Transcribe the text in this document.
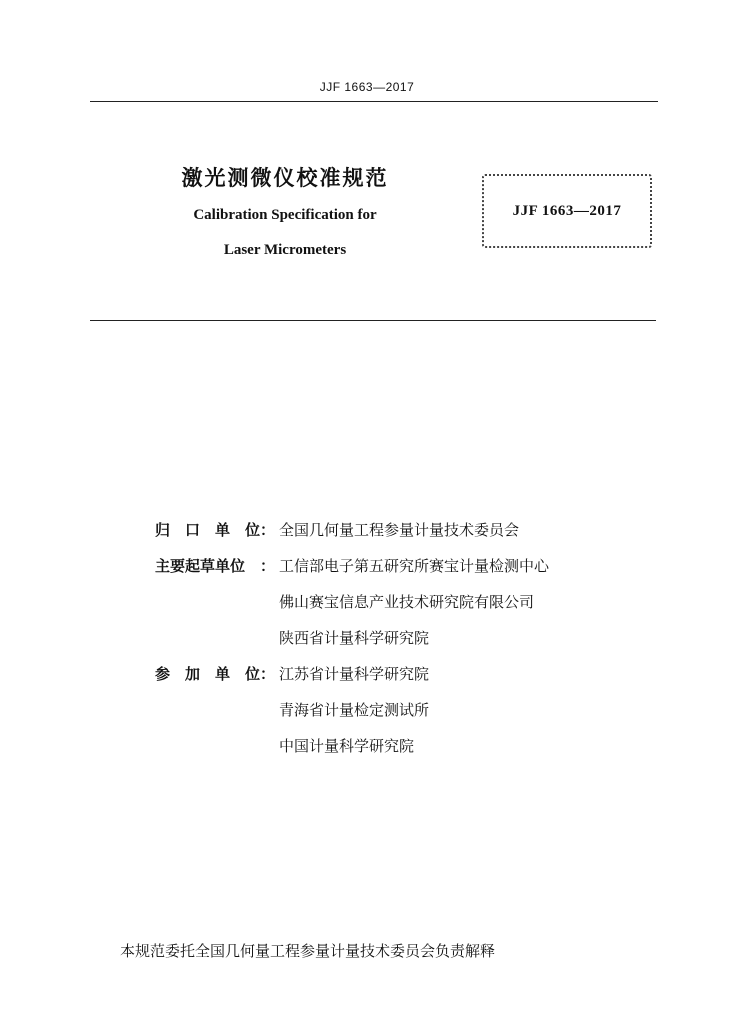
JJF 1663—2017
激光测微仪校准规范
Calibration Specification for
Laser Micrometers
JJF 1663—2017
归 口 单 位 ： 全国几何量工程参量计量技术委员会
主要起草单位 ： 工信部电子第五研究所赛宝计量检测中心
佛山赛宝信息产业技术研究院有限公司
陕西省计量科学研究院
参 加 单 位 ： 江苏省计量科学研究院
青海省计量检定测试所
中国计量科学研究院
本规范委托全国几何量工程参量计量技术委员会负责解释
